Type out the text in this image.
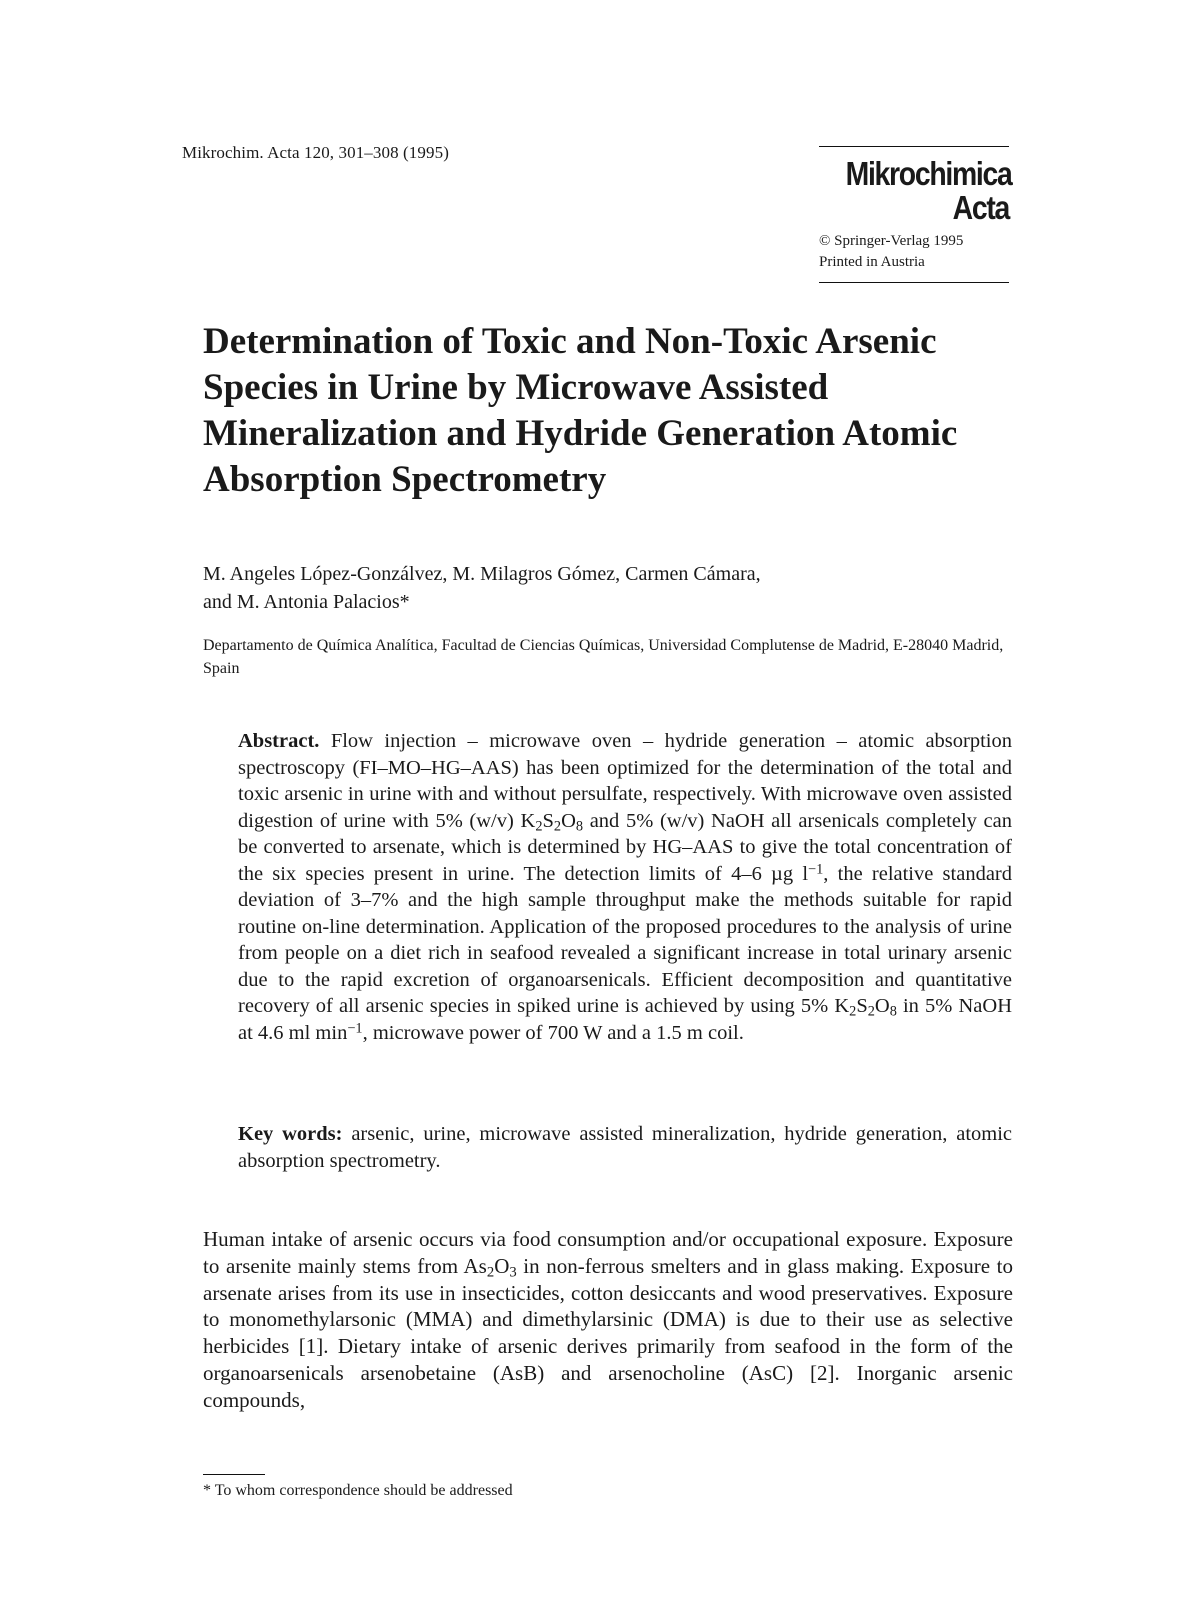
Mikrochim. Acta 120, 301–308 (1995)
Mikrochimica
Acta
© Springer-Verlag 1995
Printed in Austria
Determination of Toxic and Non-Toxic Arsenic
Species in Urine by Microwave Assisted
Mineralization and Hydride Generation Atomic
Absorption Spectrometry
M. Angeles López-Gonzálvez, M. Milagros Gómez, Carmen Cámara,
and M. Antonia Palacios*
Departamento de Química Analítica, Facultad de Ciencias Químicas, Universidad Complutense de Madrid, E-28040 Madrid, Spain

Abstract. Flow injection – microwave oven – hydride generation – atomic absorption spectroscopy (FI–MO–HG–AAS) has been optimized for the determination of the total and toxic arsenic in urine with and without persulfate, respectively. With microwave oven assisted digestion of urine with 5% (w/v) $K_2S_2O_8$ and 5% (w/v) NaOH all arsenicals completely can be converted to arsenate, which is determined by HG–AAS to give the total concentration of the six species present in urine. The detection limits of 4–6 µg $l^{-1}$, the relative standard deviation of 3–7% and the high sample throughput make the methods suitable for rapid routine on-line determination. Application of the proposed procedures to the analysis of urine from people on a diet rich in seafood revealed a significant increase in total urinary arsenic due to the rapid excretion of organoarsenicals. Efficient decomposition and quantitative recovery of all arsenic species in spiked urine is achieved by using 5% $K_2S_2O_8$ in 5% NaOH at 4.6 ml $\min^{-1}$, microwave power of 700 W and a 1.5 m coil.

Key words: arsenic, urine, microwave assisted mineralization, hydride generation, atomic absorption spectrometry.

Human intake of arsenic occurs via food consumption and/or occupational exposure. Exposure to arsenite mainly stems from $As_2O_3$ in non-ferrous smelters and in glass making. Exposure to arsenate arises from its use in insecticides, cotton desiccants and wood preservatives. Exposure to monomethylarsonic (MMA) and dimethylarsinic (DMA) is due to their use as selective herbicides [1]. Dietary intake of arsenic derives primarily from seafood in the form of the organoarsenicals arsenobetaine (AsB) and arsenocholine (AsC) [2]. Inorganic arsenic compounds,

* To whom correspondence should be addressed
